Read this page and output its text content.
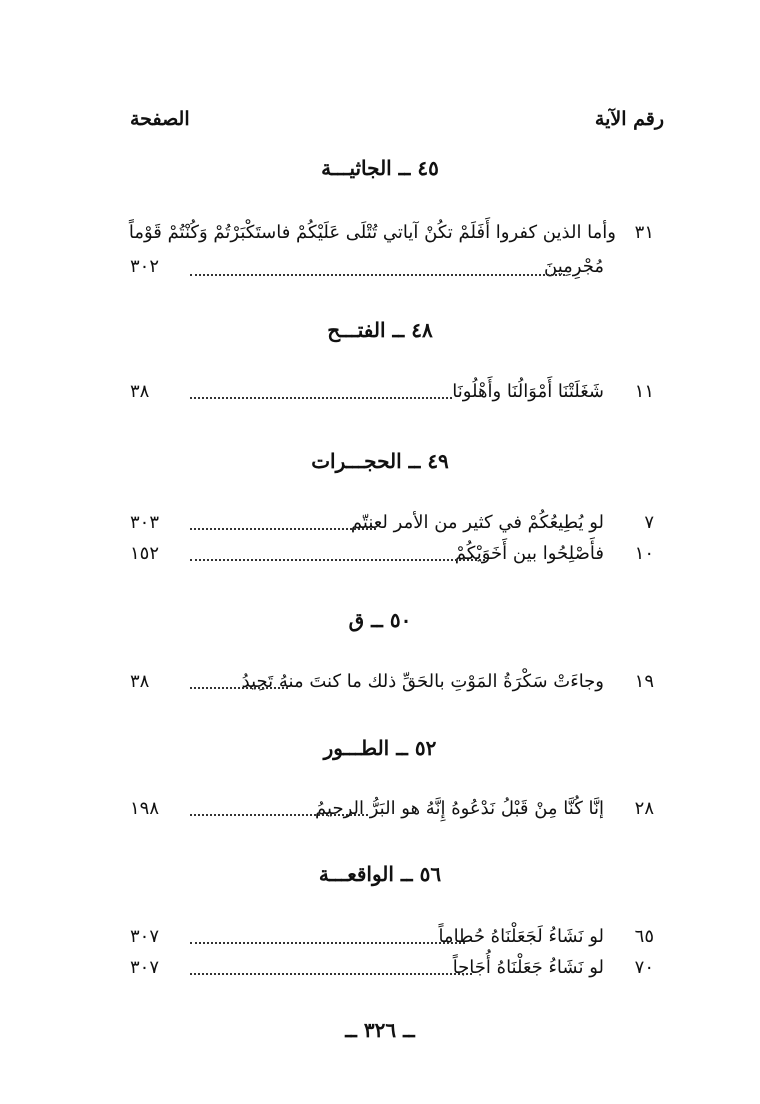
رقم الآية
الصفحة
٤٥ ــ الجاثيـــة
٣١
وأما الذين كفروا أَفَلَمْ تكُنْ آياتي تُتْلَى عَلَيْكُمْ فاستَكْبَرْتُمْ وَكُنْتُمْ قَوْماً
مُجْرِمِينَ
٣٠٢
٤٨ ــ الفتـــح
١١
شَغَلَتْنَا أَمْوَالُنَا وأَهْلُونَا
٣٨
٤٩ ــ الحجـــرات
٧
لو يُطِيعُكُمْ في كثير من الأمر لعنتّم
٣٠٣
١٠
فأَصْلِحُوا بين أَخَوَيْكُمْ
١٥٢
٥٠ ــ ق
١٩
وجاءَتْ سَكْرَةُ المَوْتِ بالحَقِّ ذلك ما كنتَ منهُ تَحِيدُ
٣٨
٥٢ ــ الطـــور
٢٨
إنَّا كُنَّا مِنْ قَبْلُ نَدْعُوهُ إِنَّهُ هو البَرُّ الرحيمُ
١٩٨
٥٦ ــ الواقعـــة
٦٥
لو نَشَاءُ لَجَعَلْنَاهُ حُطاماً
٣٠٧
٧٠
لو نَشَاءُ جَعَلْنَاهُ أُجَاجاً
٣٠٧
ــ ٣٢٦ ــ
